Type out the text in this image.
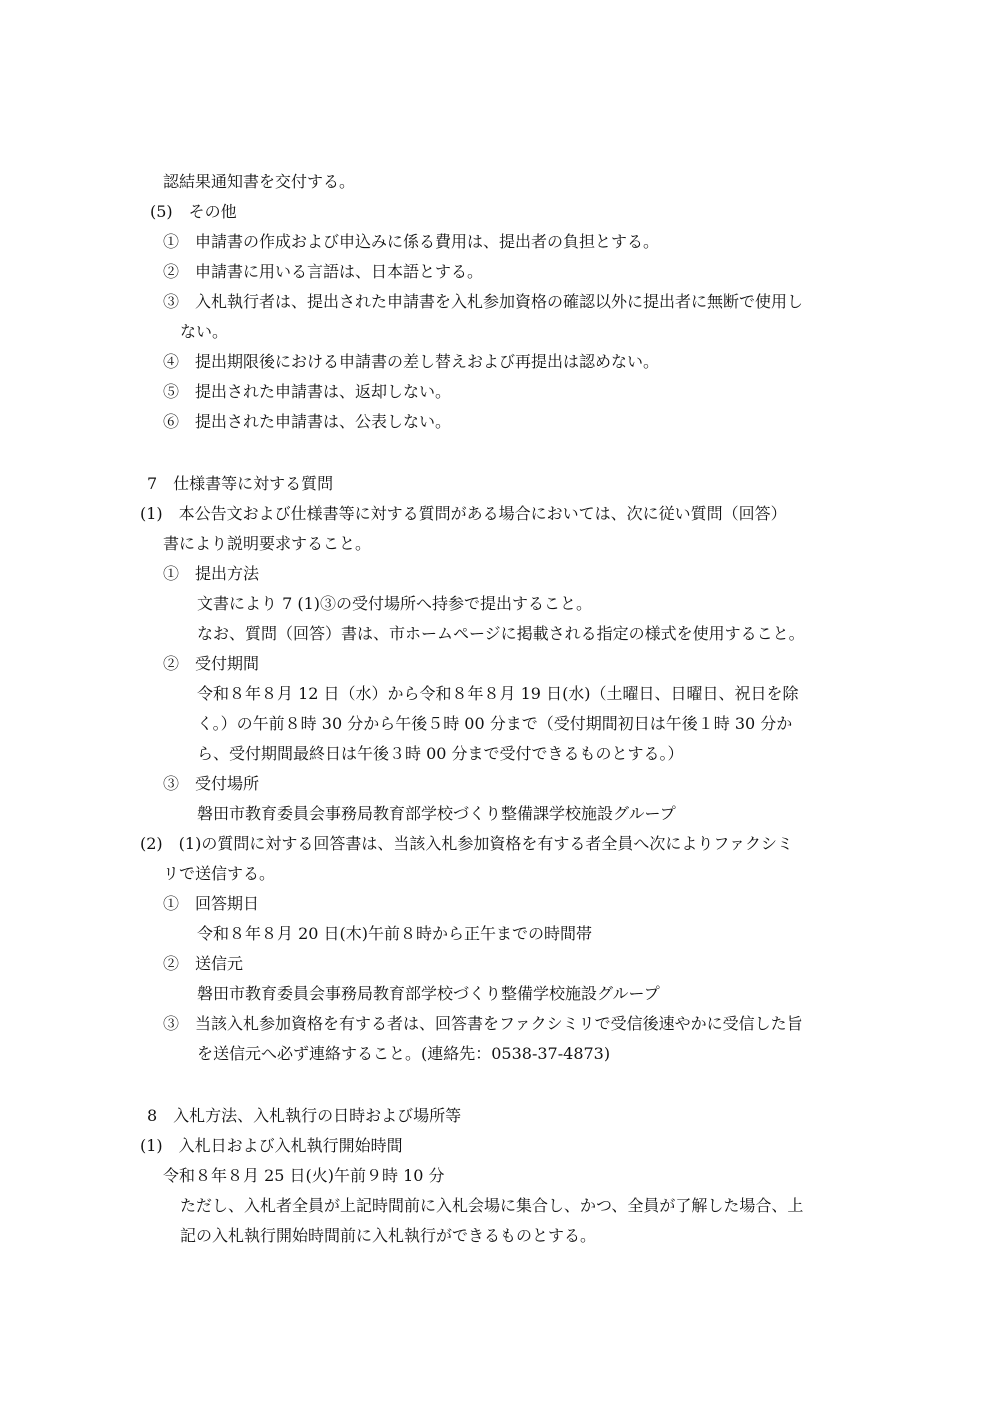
認結果通知書を交付する。
(5)　その他
①　申請書の作成および申込みに係る費用は、提出者の負担とする。
②　申請書に用いる言語は、日本語とする。
③　入札執行者は、提出された申請書を入札参加資格の確認以外に提出者に無断で使用し
ない。
④　提出期限後における申請書の差し替えおよび再提出は認めない。
⑤　提出された申請書は、返却しない。
⑥　提出された申請書は、公表しない。
7　仕様書等に対する質問
(1)　本公告文および仕様書等に対する質問がある場合においては、次に従い質問（回答）
書により説明要求すること。
①　提出方法
文書により 7 (1)③の受付場所へ持参で提出すること。
なお、質問（回答）書は、市ホームページに掲載される指定の様式を使用すること。
②　受付期間
令和８年８月 12 日（水）から令和８年８月 19 日(水)（土曜日、日曜日、祝日を除
く。）の午前８時 30 分から午後５時 00 分まで（受付期間初日は午後１時 30 分か
ら、受付期間最終日は午後３時 00 分まで受付できるものとする。）
③　受付場所
磐田市教育委員会事務局教育部学校づくり整備課学校施設グループ
(2)　(1)の質問に対する回答書は、当該入札参加資格を有する者全員へ次によりファクシミ
リで送信する。
①　回答期日
令和８年８月 20 日(木)午前８時から正午までの時間帯
②　送信元
磐田市教育委員会事務局教育部学校づくり整備学校施設グループ
③　当該入札参加資格を有する者は、回答書をファクシミリで受信後速やかに受信した旨
を送信元へ必ず連絡すること。(連絡先：0538‐37‐4873)
8　入札方法、入札執行の日時および場所等
(1)　入札日および入札執行開始時間
令和８年８月 25 日(火)午前９時 10 分
ただし、入札者全員が上記時間前に入札会場に集合し、かつ、全員が了解した場合、上
記の入札執行開始時間前に入札執行ができるものとする。
